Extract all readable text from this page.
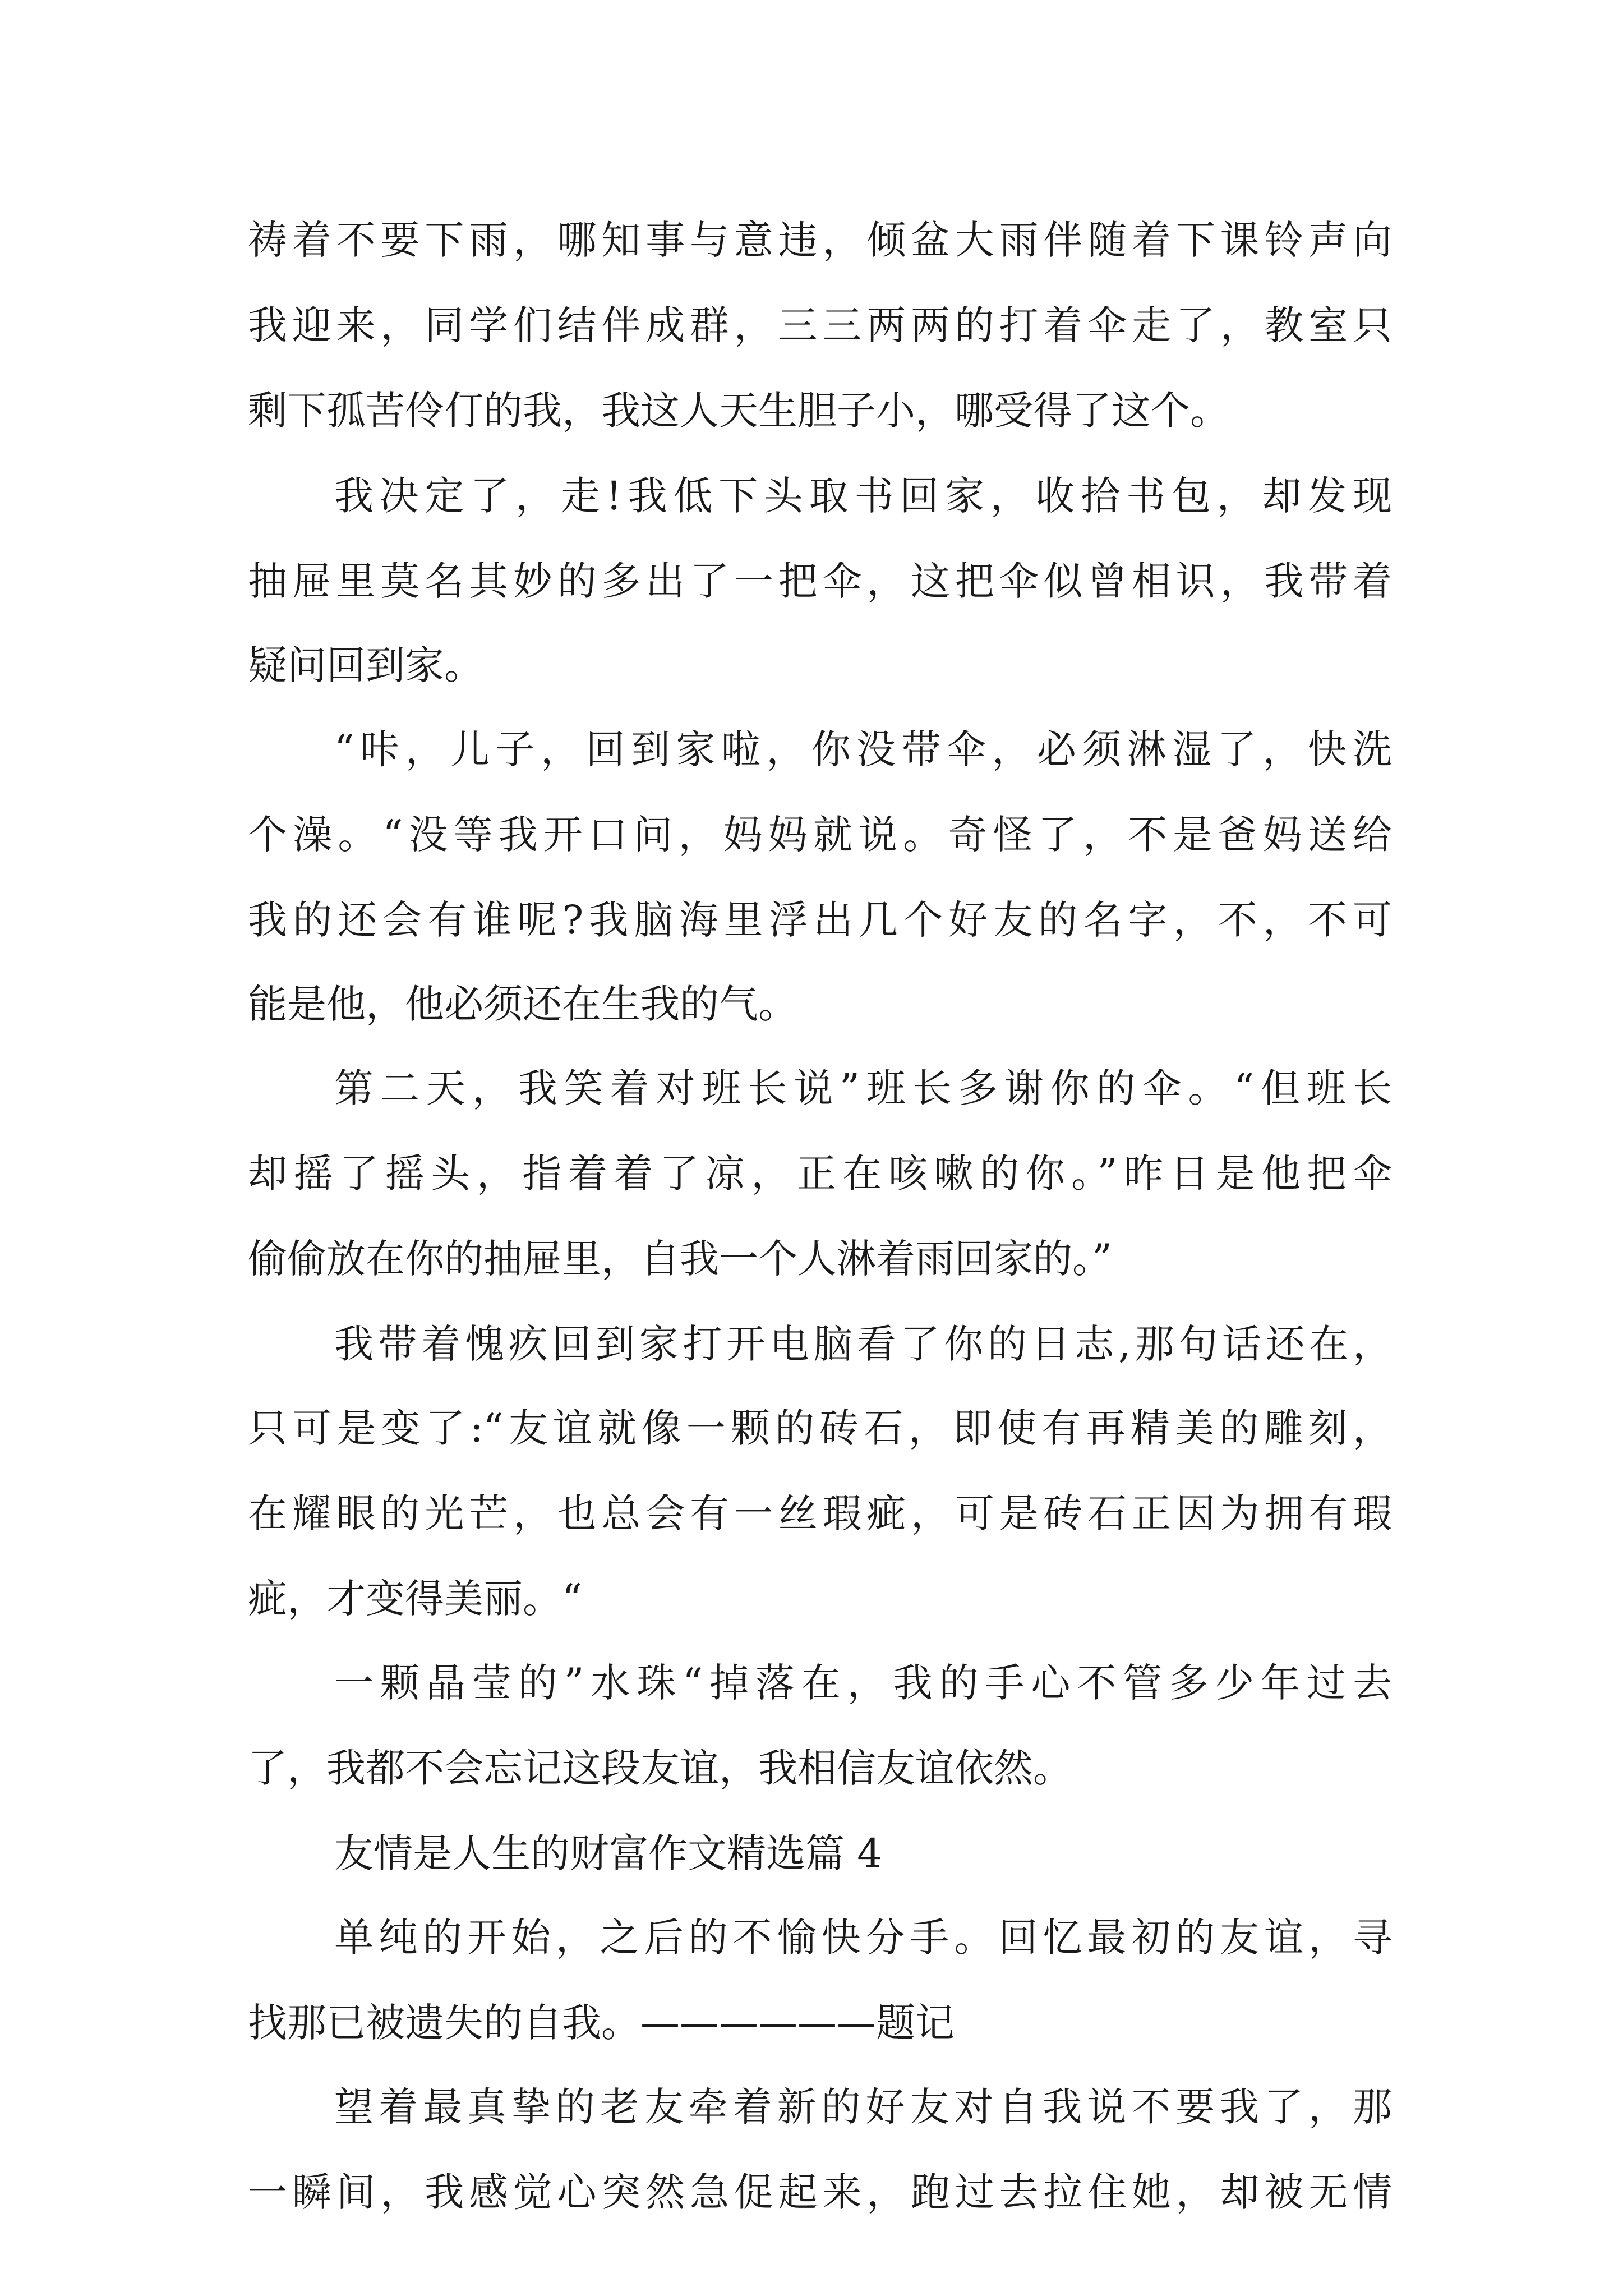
祷着不要下雨，哪知事与意违，倾盆大雨伴随着下课铃声向
我迎来，同学们结伴成群，三三两两的打着伞走了，教室只
剩下孤苦伶仃的我，我这人天生胆子小，哪受得了这个。
我决定了，走!我低下头取书回家，收拾书包，却发现
抽屉里莫名其妙的多出了一把伞，这把伞似曾相识，我带着
疑问回到家。
“咔，儿子，回到家啦，你没带伞，必须淋湿了，快洗
个澡。“没等我开口问，妈妈就说。奇怪了，不是爸妈送给
我的还会有谁呢?我脑海里浮出几个好友的名字，不，不可
能是他，他必须还在生我的气。
第二天，我笑着对班长说”班长多谢你的伞。“但班长
却摇了摇头，指着着了凉，正在咳嗽的你。”昨日是他把伞
偷偷放在你的抽屉里，自我一个人淋着雨回家的。”
我带着愧疚回到家打开电脑看了你的日志,那句话还在，
只可是变了:“友谊就像一颗的砖石，即使有再精美的雕刻，
在耀眼的光芒，也总会有一丝瑕疵，可是砖石正因为拥有瑕
疵，才变得美丽。“
一颗晶莹的”水珠“掉落在，我的手心不管多少年过去
了，我都不会忘记这段友谊，我相信友谊依然。
友情是人生的财富作文精选篇 4
单纯的开始，之后的不愉快分手。回忆最初的友谊，寻
找那已被遗失的自我。——————题记
望着最真挚的老友牵着新的好友对自我说不要我了，那
一瞬间，我感觉心突然急促起来，跑过去拉住她，却被无情
